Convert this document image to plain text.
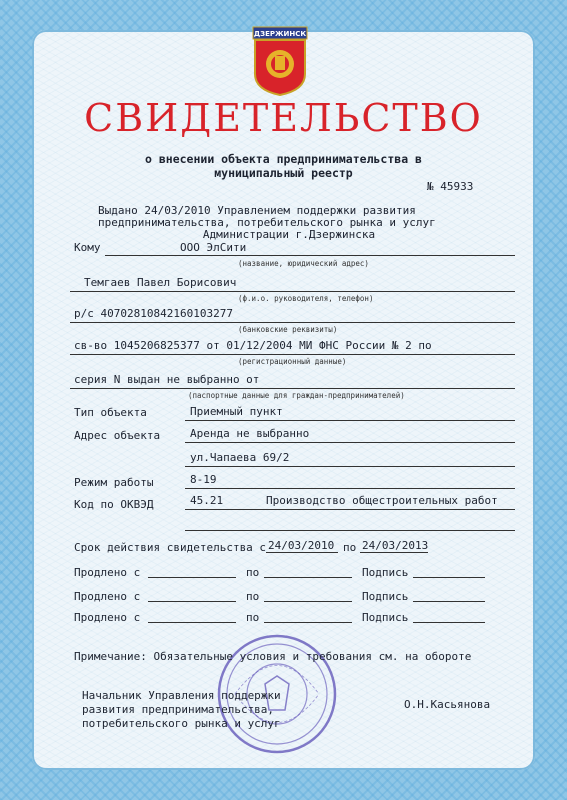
ДЗЕРЖИНСК
СВИДЕТЕЛЬСТВО
о внесении объекта предпринимательства в
муниципальный реестр
№ 45933
Выдано 24/03/2010 Управлением поддержки развития
предпринимательства, потребительского рынка и услуг
Администрации г.Дзержинска
Кому	ООО ЭлСити
(название, юридический адрес)
Темгаев Павел Борисович
(ф.и.о. руководителя, телефон)
р/с 40702810842160103277
(банковские реквизиты)
св-во 1045206825377 от 01/12/2004 МИ ФНС России № 2 по
(регистрационный данные)
серия N выдан не выбранно от
(паспортные данные для граждан-предпринимателей)
Тип объекта	Приемный пункт
Адрес объекта	Аренда не выбранно
ул.Чапаева 69/2
Режим работы	8-19
Код по ОКВЭД	45.21	Производство общестроительных работ
Срок действия свидетельства с 24/03/2010 по 24/03/2013
Продлено с	по	Подпись
Продлено с	по	Подпись
Продлено с	по	Подпись
Примечание: Обязательные условия и требования см. на обороте
Начальник Управления поддержки
развития предпринимательства,
потребительского рынка и услуг
О.Н.Касьянова
